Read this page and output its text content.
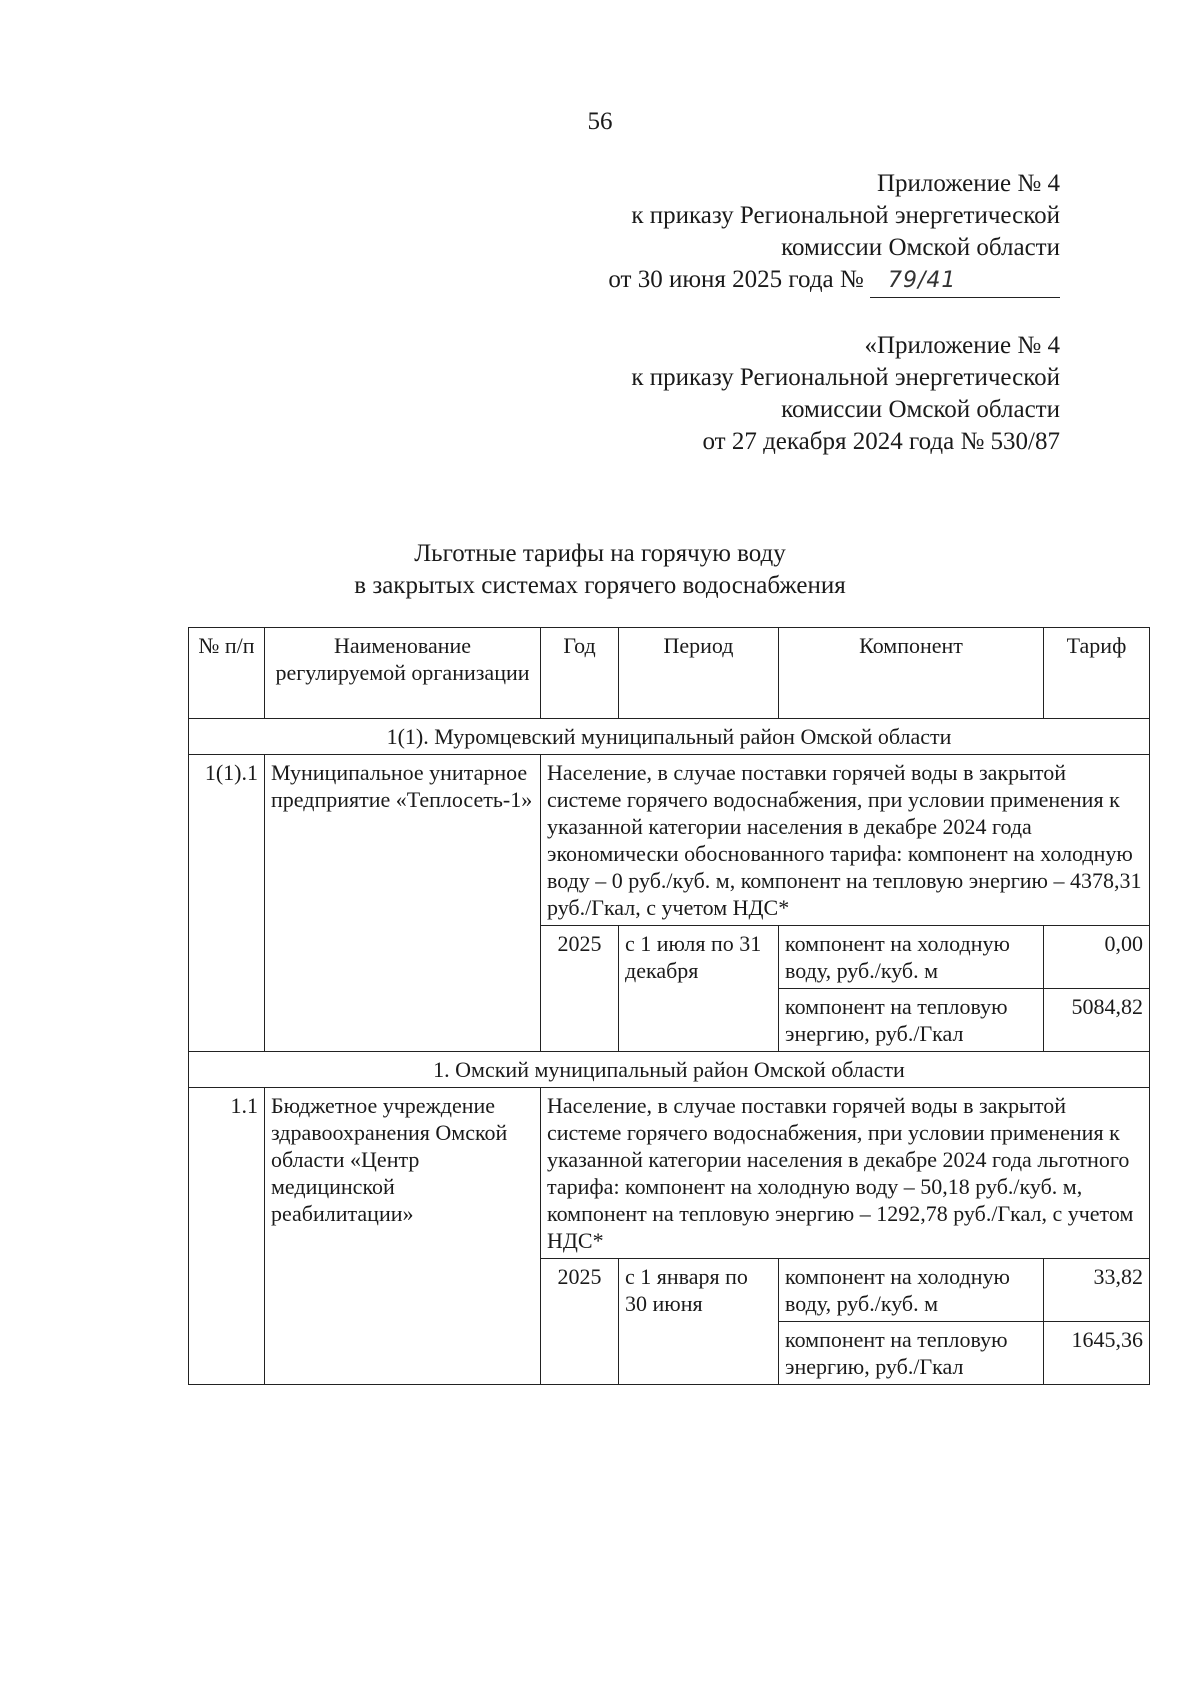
56
Приложение № 4
к приказу Региональной энергетической
комиссии Омской области
от 30 июня 2025 года № 79/41
«Приложение № 4
к приказу Региональной энергетической
комиссии Омской области
от 27 декабря 2024 года № 530/87
Льготные тарифы на горячую воду
в закрытых системах горячего водоснабжения
№ п/п	Наименование регулируемой организации	Год	Период	Компонент	Тариф
1(1). Муромцевский муниципальный район Омской области					
1(1).1	Муниципальное унитарное предприятие «Теплосеть-1»	Население, в случае поставки горячей воды в закрытой системе горячего водоснабжения, при условии применения к указанной категории населения в декабре 2024 года экономически обоснованного тарифа: компонент на холодную воду – 0 руб./куб. м, компонент на тепловую энергию – 4378,31 руб./Гкал, с учетом НДС*			
		2025	с 1 июля по 31 декабря	компонент на холодную воду, руб./куб. м	0,00
				компонент на тепловую энергию, руб./Гкал	5084,82
1. Омский муниципальный район Омской области					
1.1	Бюджетное учреждение здравоохранения Омской области «Центр медицинской реабилитации»	Население, в случае поставки горячей воды в закрытой системе горячего водоснабжения, при условии применения к указанной категории населения в декабре 2024 года льготного тарифа: компонент на холодную воду – 50,18 руб./куб. м, компонент на тепловую энергию – 1292,78 руб./Гкал, с учетом НДС*			
		2025	с 1 января по 30 июня	компонент на холодную воду, руб./куб. м	33,82
				компонент на тепловую энергию, руб./Гкал	1645,36
